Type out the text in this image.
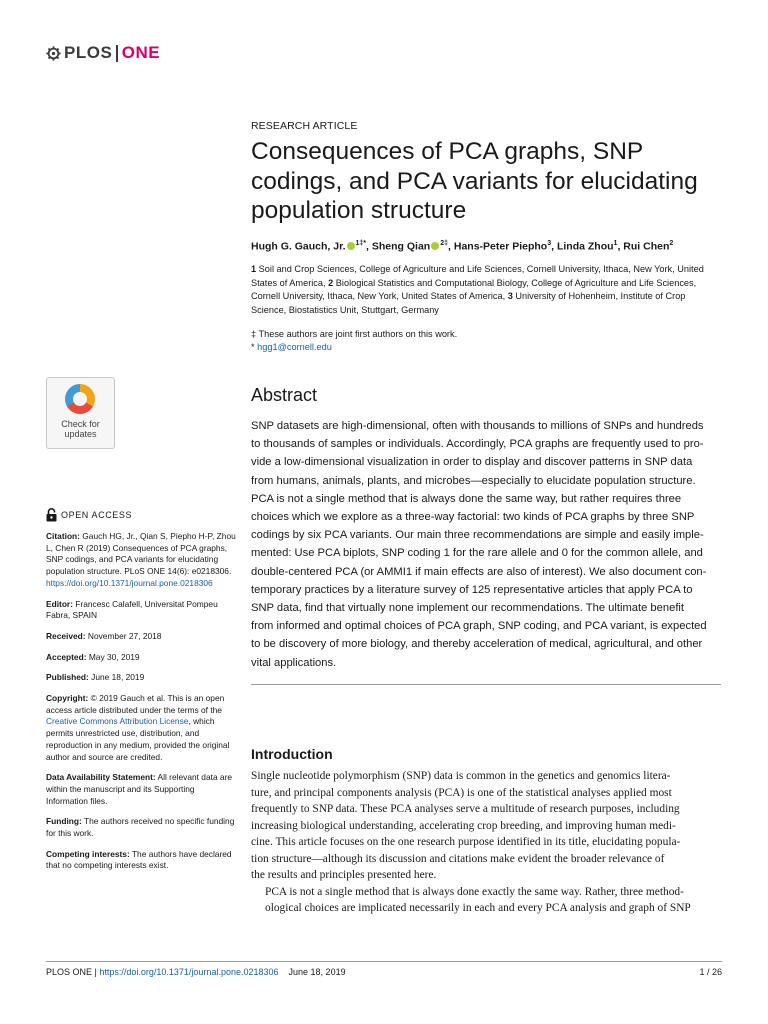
PLOS ONE
RESEARCH ARTICLE
Consequences of PCA graphs, SNP codings, and PCA variants for elucidating population structure
Hugh G. Gauch, Jr. $^{1\ddagger*}$, Sheng Qian $^{2\ddagger}$, Hans-Peter Piepho$^3$, Linda Zhou$^1$, Rui Chen$^2$
1 Soil and Crop Sciences, College of Agriculture and Life Sciences, Cornell University, Ithaca, New York, United States of America, 2 Biological Statistics and Computational Biology, College of Agriculture and Life Sciences, Cornell University, Ithaca, New York, United States of America, 3 University of Hohenheim, Institute of Crop Science, Biostatistics Unit, Stuttgart, Germany
‡ These authors are joint first authors on this work.
* hgg1@cornell.edu
Abstract
SNP datasets are high-dimensional, often with thousands to millions of SNPs and hundreds
to thousands of samples or individuals. Accordingly, PCA graphs are frequently used to pro-
vide a low-dimensional visualization in order to display and discover patterns in SNP data
from humans, animals, plants, and microbes—especially to elucidate population structure.
PCA is not a single method that is always done the same way, but rather requires three
choices which we explore as a three-way factorial: two kinds of PCA graphs by three SNP
codings by six PCA variants. Our main three recommendations are simple and easily imple-
mented: Use PCA biplots, SNP coding 1 for the rare allele and 0 for the common allele, and
double-centered PCA (or AMMI1 if main effects are also of interest). We also document con-
temporary practices by a literature survey of 125 representative articles that apply PCA to
SNP data, find that virtually none implement our recommendations. The ultimate benefit
from informed and optimal choices of PCA graph, SNP coding, and PCA variant, is expected
to be discovery of more biology, and thereby acceleration of medical, agricultural, and other
vital applications.
Introduction

Single nucleotide polymorphism (SNP) data is common in the genetics and genomics litera-
ture, and principal components analysis (PCA) is one of the statistical analyses applied most
frequently to SNP data. These PCA analyses serve a multitude of research purposes, including
increasing biological understanding, accelerating crop breeding, and improving human medi-
cine. This article focuses on the one research purpose identified in its title, elucidating popula-
tion structure—although its discussion and citations make evident the broader relevance of
the results and principles presented here.

PCA is not a single method that is always done exactly the same way. Rather, three method-
ological choices are implicated necessarily in each and every PCA analysis and graph of SNP

Check for
updates
OPEN ACCESS
Citation: Gauch HG, Jr., Qian S, Piepho H-P, Zhou L, Chen R (2019) Consequences of PCA graphs, SNP codings, and PCA variants for elucidating population structure. PLoS ONE 14(6): e0218306. https://doi.org/10.1371/journal.pone.0218306
Editor: Francesc Calafell, Universitat Pompeu Fabra, SPAIN
Received: November 27, 2018
Accepted: May 30, 2019
Published: June 18, 2019
Copyright: © 2019 Gauch et al. This is an open access article distributed under the terms of the Creative Commons Attribution License, which permits unrestricted use, distribution, and reproduction in any medium, provided the original author and source are credited.
Data Availability Statement: All relevant data are within the manuscript and its Supporting Information files.
Funding: The authors received no specific funding for this work.
Competing interests: The authors have declared that no competing interests exist.
PLOS ONE | https://doi.org/10.1371/journal.pone.0218306 June 18, 2019	1 / 26
